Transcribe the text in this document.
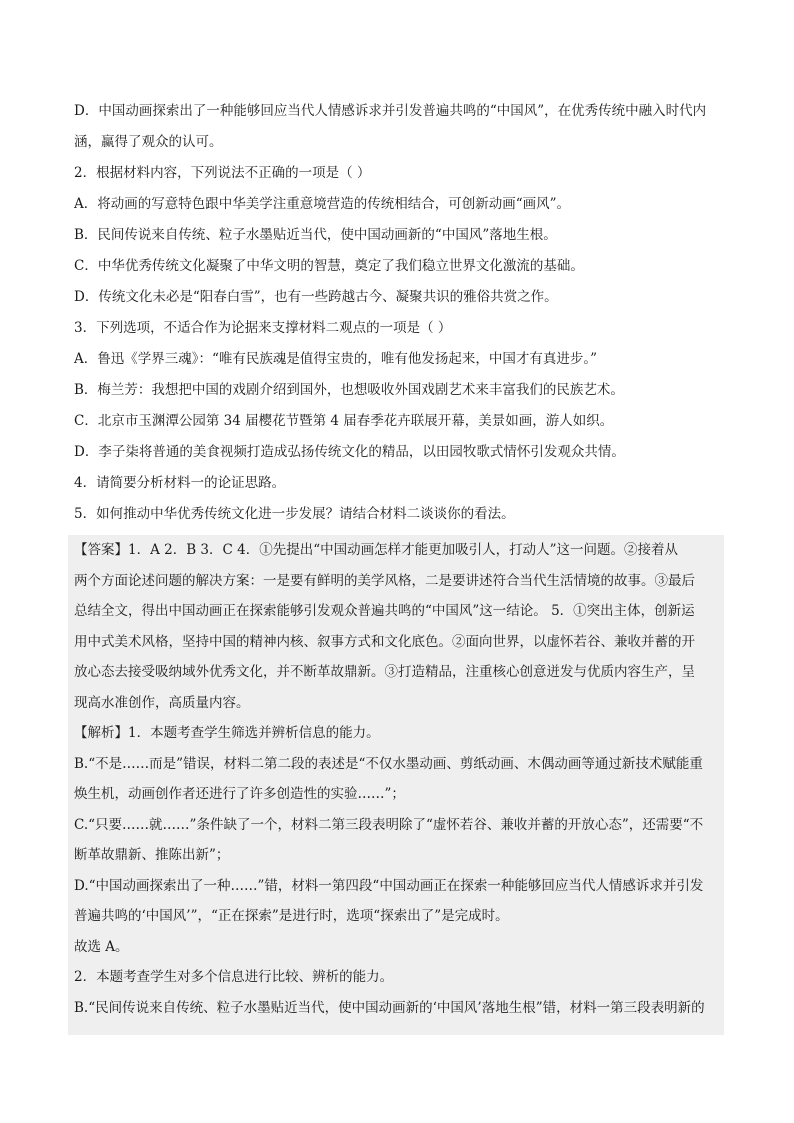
D．中国动画探索出了一种能够回应当代人情感诉求并引发普遍共鸣的“中国风”，在优秀传统中融入时代内
涵，赢得了观众的认可。
2．根据材料内容，下列说法不正确的一项是（ ）
A．将动画的写意特色跟中华美学注重意境营造的传统相结合，可创新动画“画风”。
B．民间传说来自传统、粒子水墨贴近当代，使中国动画新的“中国风”落地生根。
C．中华优秀传统文化凝聚了中华文明的智慧，奠定了我们稳立世界文化激流的基础。
D．传统文化未必是“阳春白雪”，也有一些跨越古今、凝聚共识的雅俗共赏之作。
3．下列选项，不适合作为论据来支撑材料二观点的一项是（ ）
A．鲁迅《学界三魂》：“唯有民族魂是值得宝贵的，唯有他发扬起来，中国才有真进步。”
B．梅兰芳：我想把中国的戏剧介绍到国外，也想吸收外国戏剧艺术来丰富我们的民族艺术。
C．北京市玉渊潭公园第 34 届樱花节暨第 4 届春季花卉联展开幕，美景如画，游人如织。
D．李子柒将普通的美食视频打造成弘扬传统文化的精品，以田园牧歌式情怀引发观众共情。
4．请简要分析材料一的论证思路。
5．如何推动中华优秀传统文化进一步发展？请结合材料二谈谈你的看法。
【答案】1．A 2．B 3．C 4．①先提出“中国动画怎样才能更加吸引人，打动人”这一问题。②接着从
两个方面论述问题的解决方案：一是要有鲜明的美学风格，二是要讲述符合当代生活情境的故事。③最后
总结全文，得出中国动画正在探索能够引发观众普遍共鸣的“中国风”这一结论。 5．①突出主体，创新运
用中式美术风格，坚持中国的精神内核、叙事方式和文化底色。②面向世界，以虚怀若谷、兼收并蓄的开
放心态去接受吸纳域外优秀文化，并不断革故鼎新。③打造精品，注重核心创意迸发与优质内容生产，呈
现高水准创作，高质量内容。
【解析】1．本题考查学生筛选并辨析信息的能力。
B.“不是……而是”错误，材料二第二段的表述是“不仅水墨动画、剪纸动画、木偶动画等通过新技术赋能重
焕生机，动画创作者还进行了许多创造性的实验……”；
C.“只要……就……”条件缺了一个，材料二第三段表明除了“虚怀若谷、兼收并蓄的开放心态”，还需要“不
断革故鼎新、推陈出新”；
D.“中国动画探索出了一种……”错，材料一第四段“中国动画正在探索一种能够回应当代人情感诉求并引发
普遍共鸣的‘中国风’”，“正在探索”是进行时，选项“探索出了”是完成时。
故选 A。
2．本题考查学生对多个信息进行比较、辨析的能力。
B.“民间传说来自传统、粒子水墨贴近当代，使中国动画新的‘中国风’落地生根”错，材料一第三段表明新的
